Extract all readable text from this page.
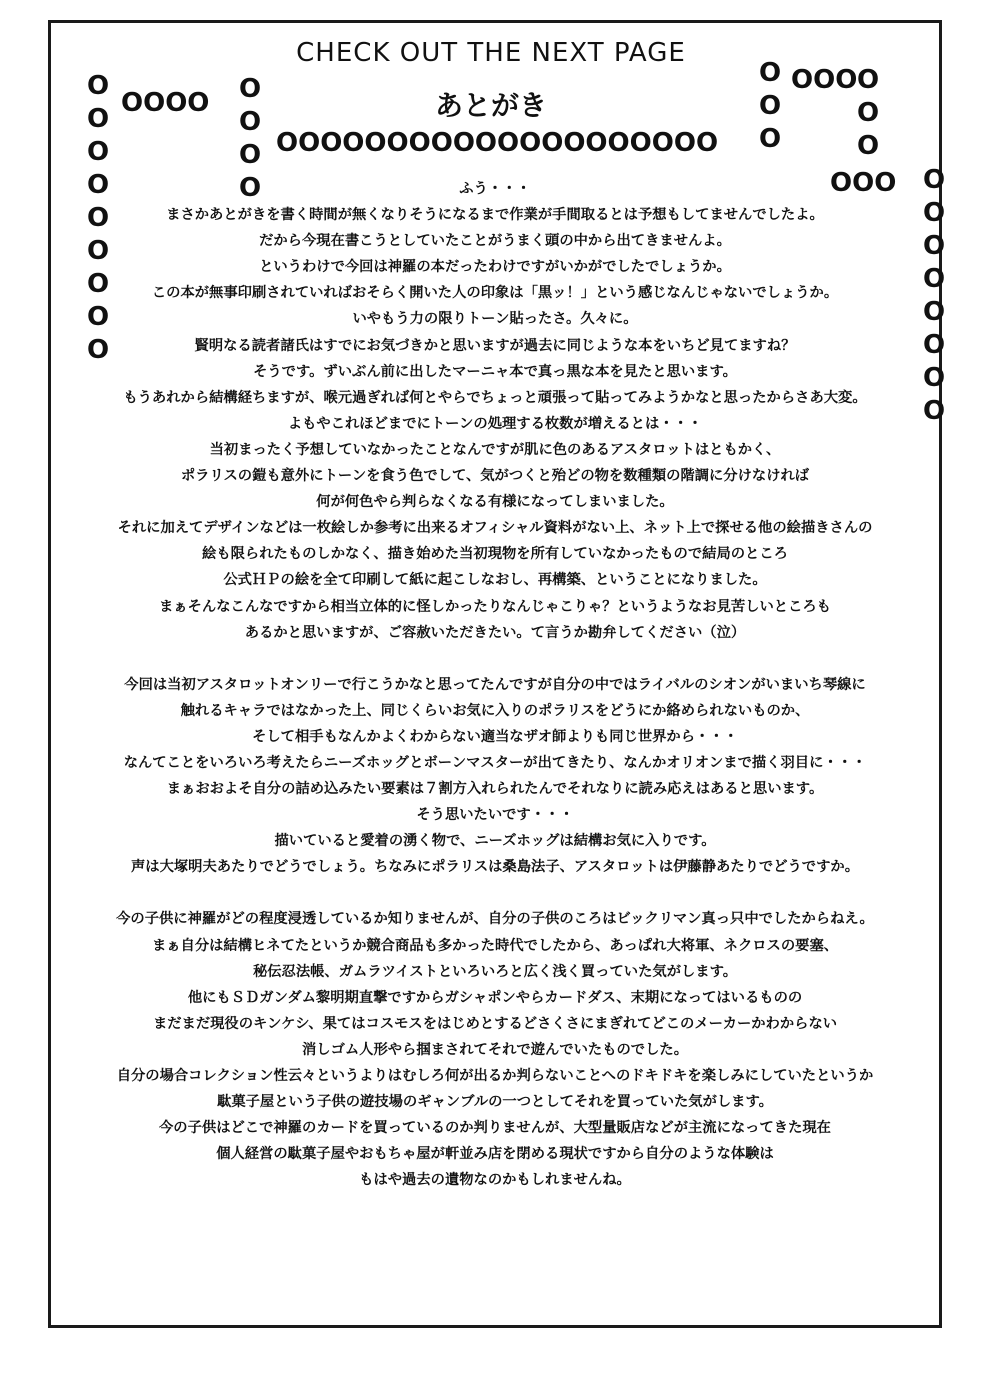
CHECK OUT THE NEXT PAGE
あとがき
OOOO
OOOOOOOOOOOOOOOOOOOO
OOO
OOO
O
O
O
O
O
O
O
O
O
O
O
O
O
O
O
O
O
O
O
O
O
O
O
O
O
O
O
ふう・・・
まさかあとがきを書く時間が無くなりそうになるまで作業が手間取るとは予想もしてませんでしたよ。
だから今現在書こうとしていたことがうまく頭の中から出てきませんよ。
というわけで今回は神羅の本だったわけですがいかがでしたでしょうか。
この本が無事印刷されていればおそらく開いた人の印象は「黒ッ！」という感じなんじゃないでしょうか。
いやもう力の限りトーン貼ったさ。久々に。
賢明なる読者諸氏はすでにお気づきかと思いますが過去に同じような本をいちど見てますね？
そうです。ずいぶん前に出したマーニャ本で真っ黒な本を見たと思います。
もうあれから結構経ちますが、喉元過ぎれば何とやらでちょっと頑張って貼ってみようかなと思ったからさあ大変。
よもやこれほどまでにトーンの処理する枚数が増えるとは・・・
当初まったく予想していなかったことなんですが肌に色のあるアスタロットはともかく、
ポラリスの鎧も意外にトーンを食う色でして、気がつくと殆どの物を数種類の階調に分けなければ
何が何色やら判らなくなる有様になってしまいました。
それに加えてデザインなどは一枚絵しか参考に出来るオフィシャル資料がない上、ネット上で探せる他の絵描きさんの
絵も限られたものしかなく、描き始めた当初現物を所有していなかったもので結局のところ
公式ＨＰの絵を全て印刷して紙に起こしなおし、再構築、ということになりました。
まぁそんなこんなですから相当立体的に怪しかったりなんじゃこりゃ？というようなお見苦しいところも
あるかと思いますが、ご容赦いただきたい。て言うか勘弁してください（泣）
今回は当初アスタロットオンリーで行こうかなと思ってたんですが自分の中ではライバルのシオンがいまいち琴線に
触れるキャラではなかった上、同じくらいお気に入りのポラリスをどうにか絡められないものか、
そして相手もなんかよくわからない適当なザオ師よりも同じ世界から・・・
なんてことをいろいろ考えたらニーズホッグとボーンマスターが出てきたり、なんかオリオンまで描く羽目に・・・
まぁおおよそ自分の詰め込みたい要素は７割方入れられたんでそれなりに読み応えはあると思います。
そう思いたいです・・・
描いていると愛着の湧く物で、ニーズホッグは結構お気に入りです。
声は大塚明夫あたりでどうでしょう。ちなみにポラリスは桑島法子、アスタロットは伊藤静あたりでどうですか。
今の子供に神羅がどの程度浸透しているか知りませんが、自分の子供のころはビックリマン真っ只中でしたからねえ。
まぁ自分は結構ヒネてたというか競合商品も多かった時代でしたから、あっぱれ大将軍、ネクロスの要塞、
秘伝忍法帳、ガムラツイストといろいろと広く浅く買っていた気がします。
他にもＳＤガンダム黎明期直撃ですからガシャポンやらカードダス、末期になってはいるものの
まだまだ現役のキンケシ、果てはコスモスをはじめとするどさくさにまぎれてどこのメーカーかわからない
消しゴム人形やら掴まされてそれで遊んでいたものでした。
自分の場合コレクション性云々というよりはむしろ何が出るか判らないことへのドキドキを楽しみにしていたというか
駄菓子屋という子供の遊技場のギャンブルの一つとしてそれを買っていた気がします。
今の子供はどこで神羅のカードを買っているのか判りませんが、大型量販店などが主流になってきた現在
個人経営の駄菓子屋やおもちゃ屋が軒並み店を閉める現状ですから自分のような体験は
もはや過去の遺物なのかもしれませんね。
